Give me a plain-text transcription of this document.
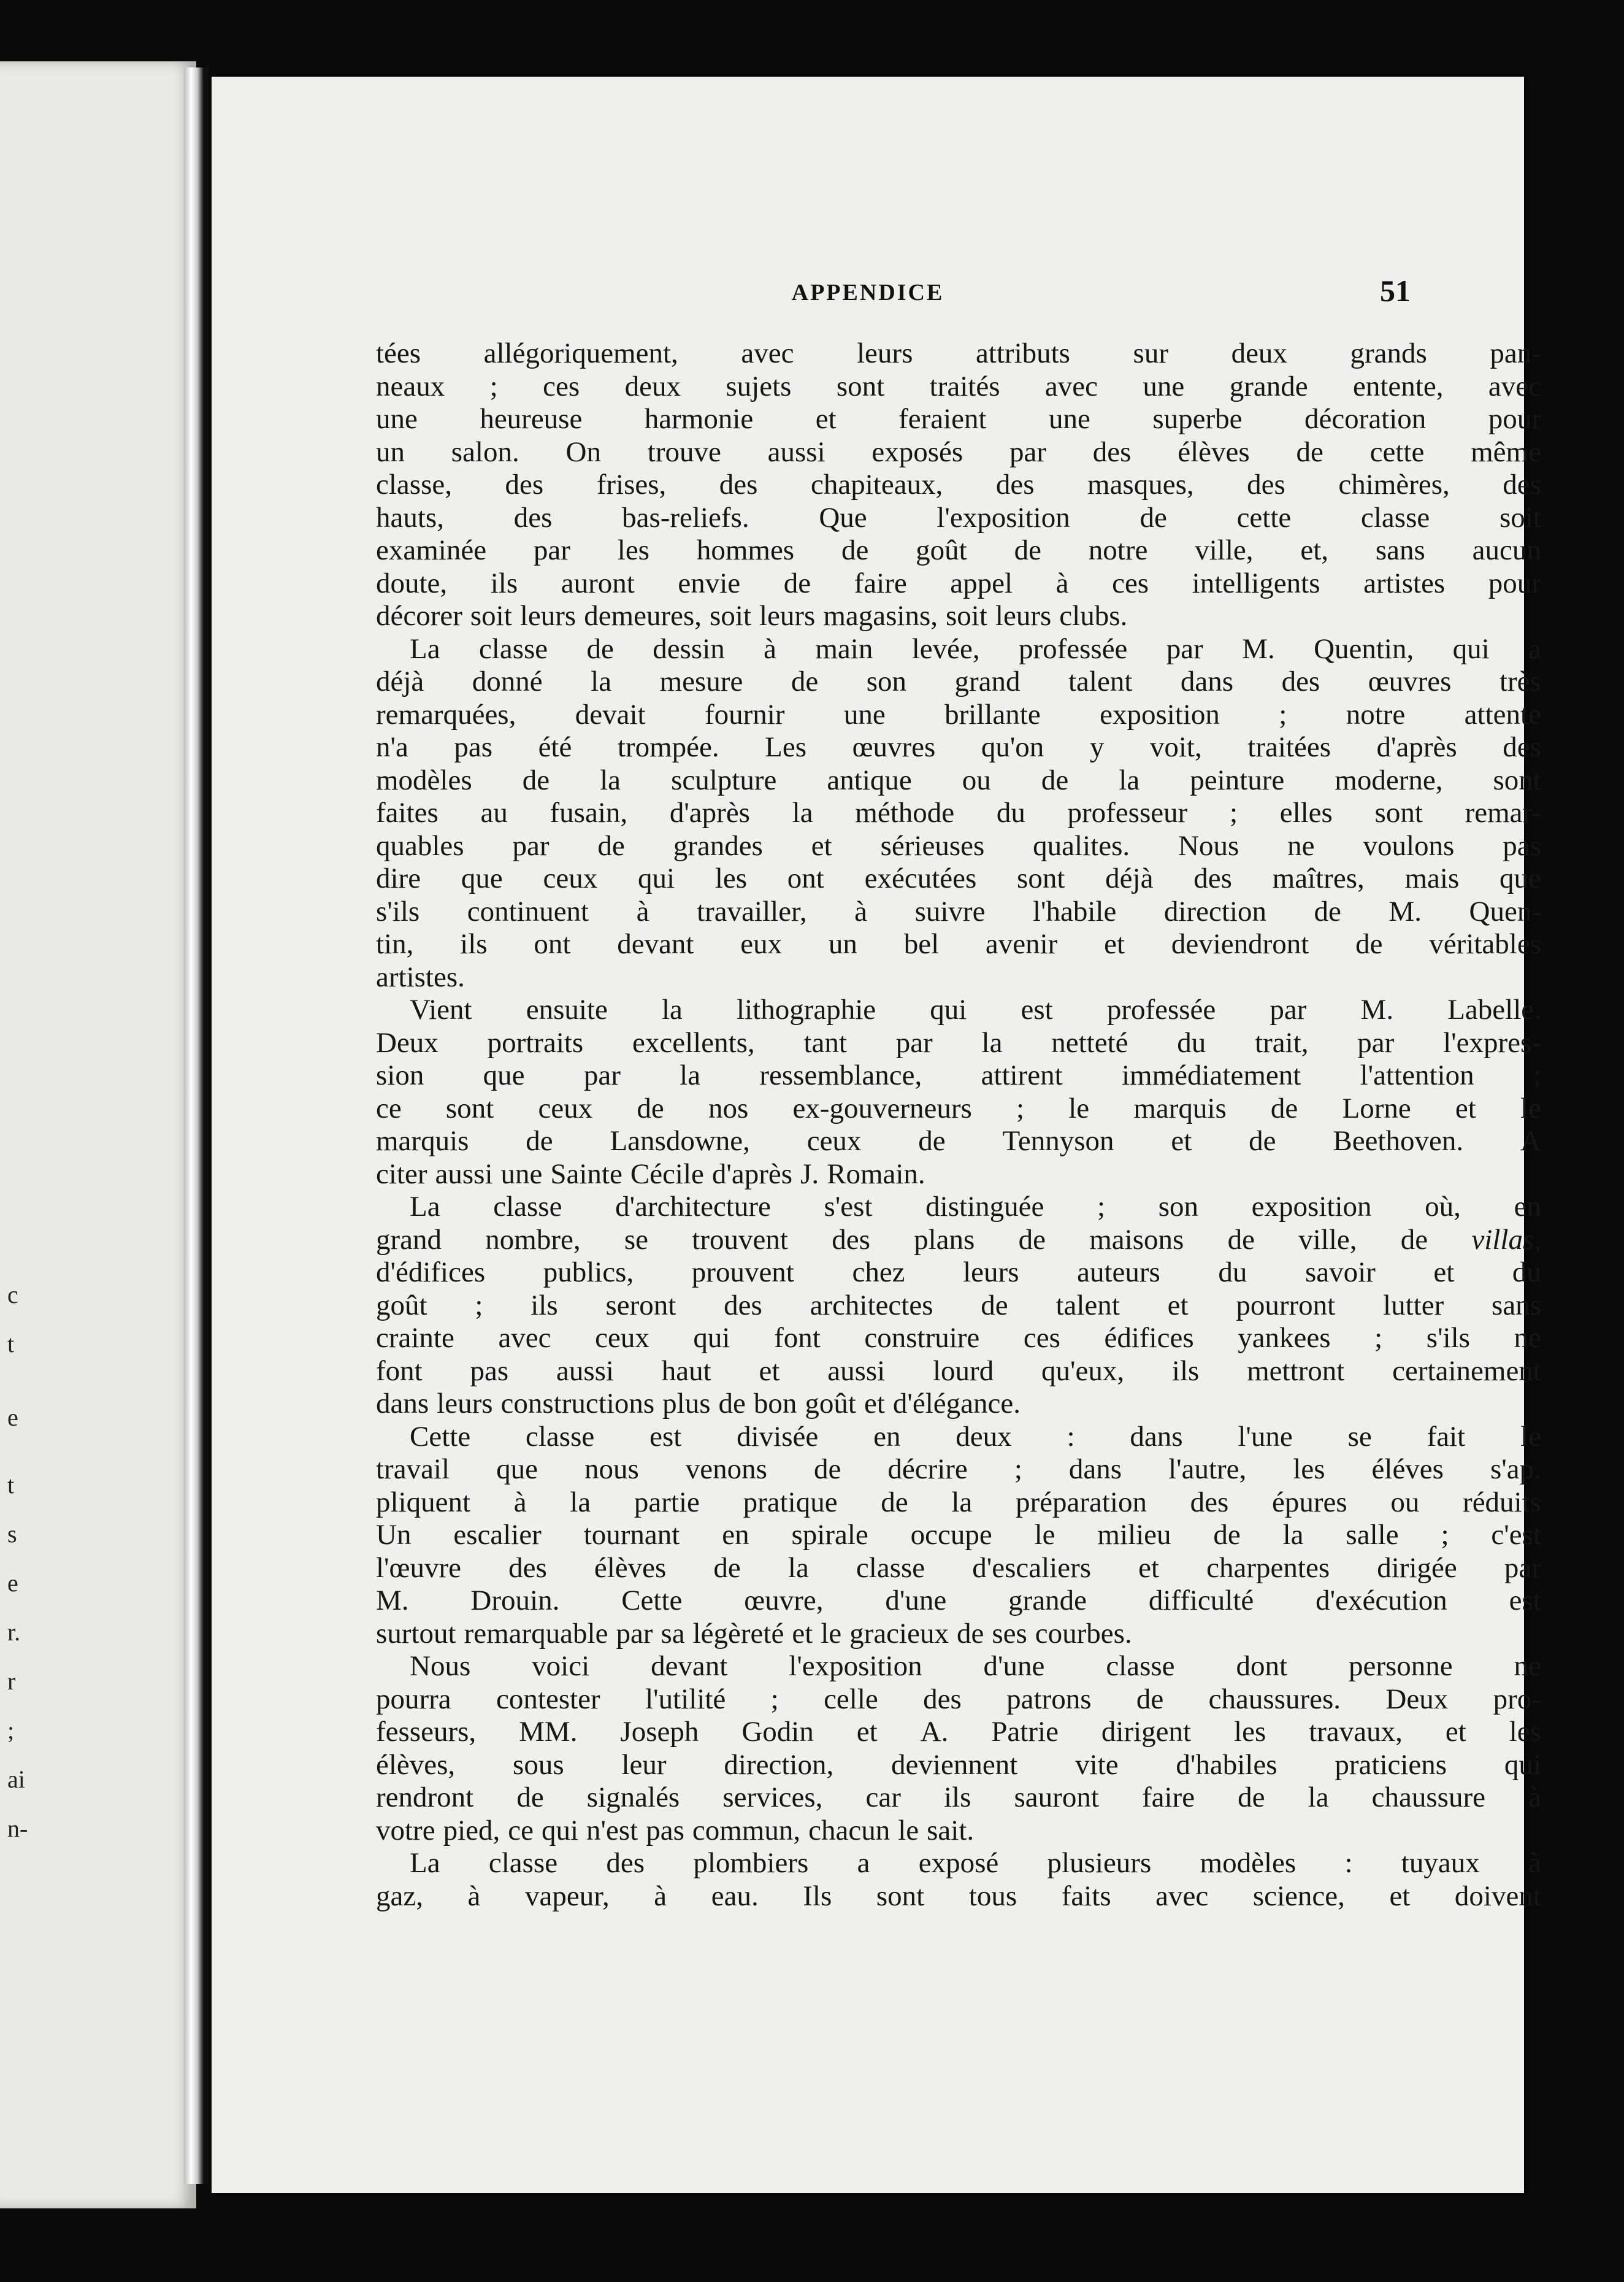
c
t
e
t
s
e
r.
r
;
ai
n-
APPENDICE	51
tées allégoriquement, avec leurs attributs sur deux grands pan-
neaux ; ces deux sujets sont traités avec une grande entente, avec
une heureuse harmonie et feraient une superbe décoration pour
un salon. On trouve aussi exposés par des élèves de cette même
classe, des frises, des chapiteaux, des masques, des chimères, des
hauts, des bas-reliefs. Que l'exposition de cette classe soit
examinée par les hommes de goût de notre ville, et, sans aucun
doute, ils auront envie de faire appel à ces intelligents artistes pour
décorer soit leurs demeures, soit leurs magasins, soit leurs clubs.
La classe de dessin à main levée, professée par M. Quentin, qui a
déjà donné la mesure de son grand talent dans des œuvres très
remarquées, devait fournir une brillante exposition ; notre attente
n'a pas été trompée. Les œuvres qu'on y voit, traitées d'après des
modèles de la sculpture antique ou de la peinture moderne, sont
faites au fusain, d'après la méthode du professeur ; elles sont remar-
quables par de grandes et sérieuses qualites. Nous ne voulons pas
dire que ceux qui les ont exécutées sont déjà des maîtres, mais que
s'ils continuent à travailler, à suivre l'habile direction de M. Quen-
tin, ils ont devant eux un bel avenir et deviendront de véritables
artistes.
Vient ensuite la lithographie qui est professée par M. Labelle.
Deux portraits excellents, tant par la netteté du trait, par l'expres-
sion que par la ressemblance, attirent immédiatement l'attention ;
ce sont ceux de nos ex-gouverneurs ; le marquis de Lorne et le
marquis de Lansdowne, ceux de Tennyson et de Beethoven. A
citer aussi une Sainte Cécile d'après J. Romain.
La classe d'architecture s'est distinguée ; son exposition où, en
grand nombre, se trouvent des plans de maisons de ville, de villas,
d'édifices publics, prouvent chez leurs auteurs du savoir et du
goût ; ils seront des architectes de talent et pourront lutter sans
crainte avec ceux qui font construire ces édifices yankees ; s'ils ne
font pas aussi haut et aussi lourd qu'eux, ils mettront certainement
dans leurs constructions plus de bon goût et d'élégance.
Cette classe est divisée en deux : dans l'une se fait le
travail que nous venons de décrire ; dans l'autre, les éléves s'ap.
pliquent à la partie pratique de la préparation des épures ou réduits
Un escalier tournant en spirale occupe le milieu de la salle ; c'est
l'œuvre des élèves de la classe d'escaliers et charpentes dirigée par
M. Drouin. Cette œuvre, d'une grande difficulté d'exécution est
surtout remarquable par sa légèreté et le gracieux de ses courbes.
Nous voici devant l'exposition d'une classe dont personne ne
pourra contester l'utilité ; celle des patrons de chaussures. Deux pro-
fesseurs, MM. Joseph Godin et A. Patrie dirigent les travaux, et les
élèves, sous leur direction, deviennent vite d'habiles praticiens qui
rendront de signalés services, car ils sauront faire de la chaussure à
votre pied, ce qui n'est pas commun, chacun le sait.
La classe des plombiers a exposé plusieurs modèles : tuyaux à
gaz, à vapeur, à eau. Ils sont tous faits avec science, et doivent
